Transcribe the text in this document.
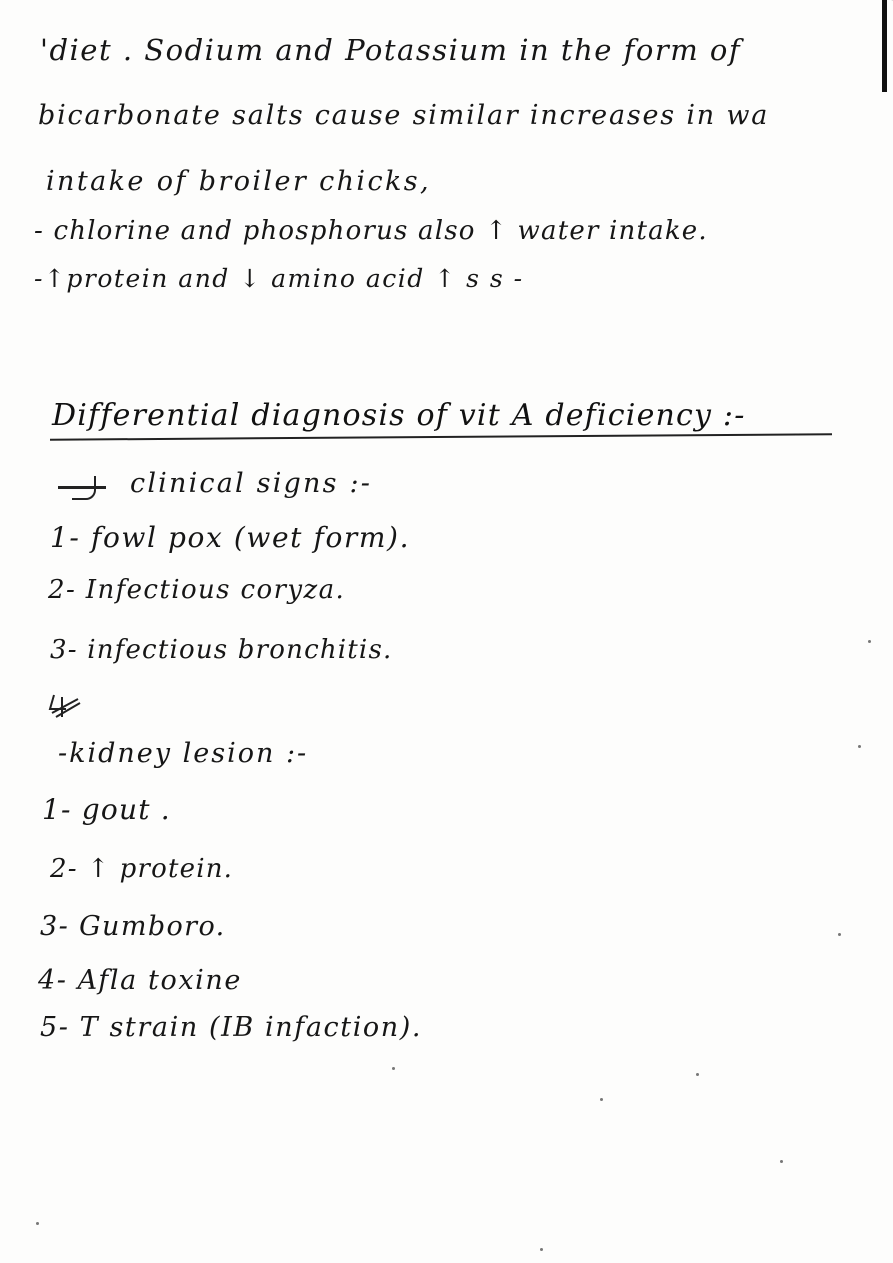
'diet . Sodium and Potassium in the form of
bicarbonate salts cause similar increases in wa
intake of broiler chicks,
- chlorine and phosphorus also ↑ water intake.
-↑protein and ↓ amino acid ↑ s s -
Differential diagnosis of vit A deficiency :-
clinical signs :-
1- fowl pox (wet form).
2- Infectious coryza.
3- infectious bronchitis.
-kidney lesion :-
1- gout .
2- ↑ protein.
3- Gumboro.
4- Afla toxine
5- T strain (IB infaction).
